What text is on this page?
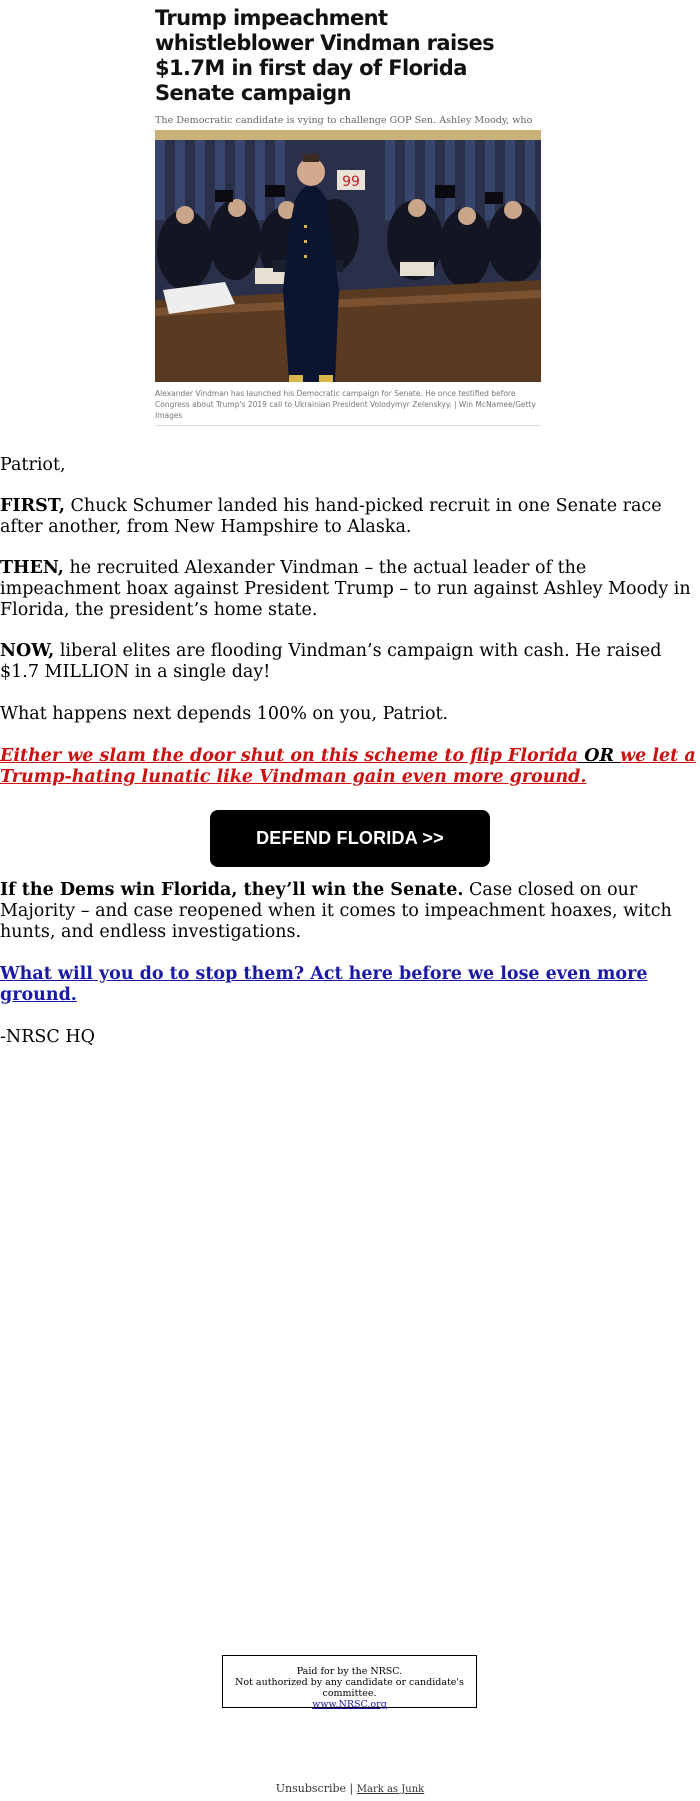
Trump impeachment whistleblower Vindman raises $1.7M in first day of Florida Senate campaign

The Democratic candidate is vying to challenge GOP Sen. Ashley Moody, who

99
Alexander Vindman has launched his Democratic campaign for Senate. He once testified before Congress about Trump's 2019 call to Ukrainian President Volodymyr Zelenskyy. | Win McNamee/Getty Images

Patriot,

FIRST, Chuck Schumer landed his hand-picked recruit in one Senate race after another, from New Hampshire to Alaska.

THEN, he recruited Alexander Vindman – the actual leader of the impeachment hoax against President Trump – to run against Ashley Moody in Florida, the president’s home state.

NOW, liberal elites are flooding Vindman’s campaign with cash. He raised $1.7 MILLION in a single day!

What happens next depends 100% on you, Patriot.

Either we slam the door shut on this scheme to flip Florida OR we let a Trump-hating lunatic like Vindman gain even more ground.

DEFEND FLORIDA >>

If the Dems win Florida, they’ll win the Senate. Case closed on our Majority – and case reopened when it comes to impeachment hoaxes, witch hunts, and endless investigations.

What will you do to stop them? Act here before we lose even more ground.

-NRSC HQ

Paid for by the NRSC.
Not authorized by any candidate or candidate's committee.
www.NRSC.org
Unsubscribe | Mark as Junk
